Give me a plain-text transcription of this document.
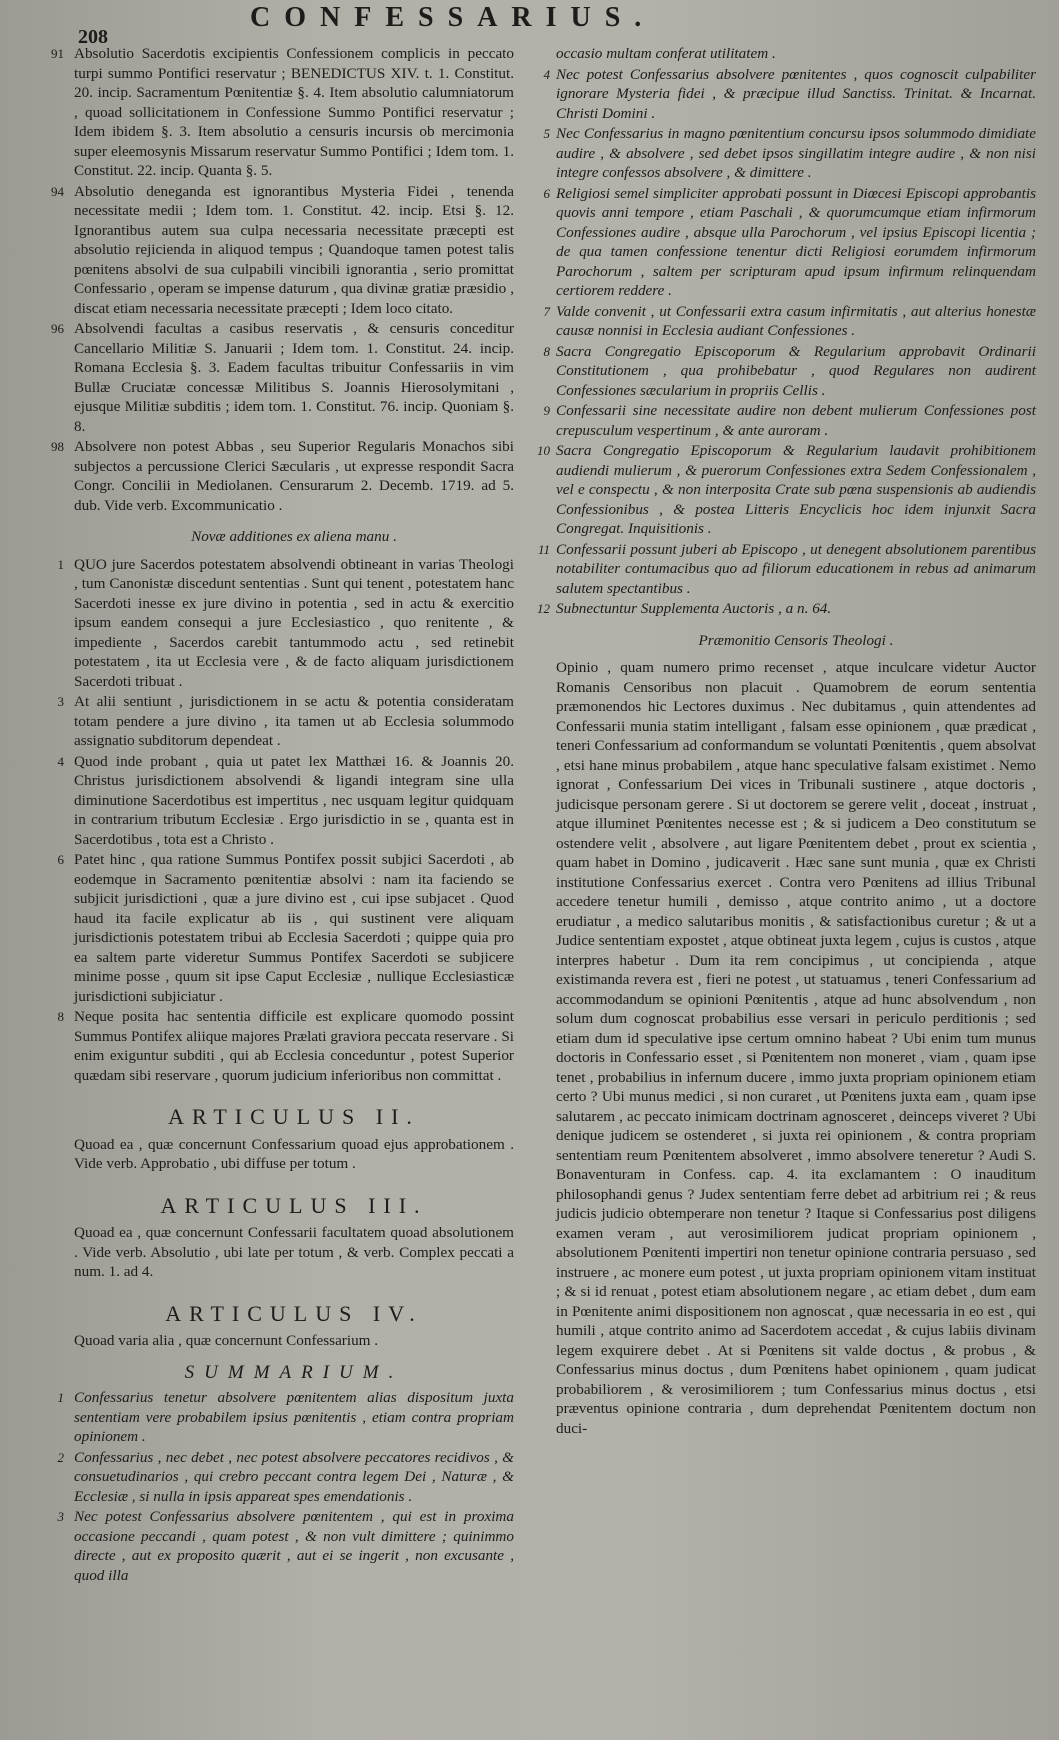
208
CONFESSARIUS.
91 Absolutio Sacerdotis excipientis Confessionem complicis in peccato turpi summo Pontifici reservatur ; BENEDICTUS XIV. t. 1. Constitut. 20. incip. Sacramentum Pœnitentiæ §. 4. Item absolutio calumniatorum , quoad sollicitationem in Confessione Summo Pontifici reservatur ; Idem ibidem §. 3. Item absolutio a censuris incursis ob mercimonia super eleemosynis Missarum reservatur Summo Pontifici ; Idem tom. 1. Constitut. 22. incip. Quanta §. 5.
94 Absolutio deneganda est ignorantibus Mysteria Fidei , tenenda necessitate medii ; Idem tom. 1. Constitut. 42. incip. Etsi §. 12. Ignorantibus autem sua culpa necessaria necessitate præcepti est absolutio rejicienda in aliquod tempus ; Quandoque tamen potest talis pœnitens absolvi de sua culpabili vincibili ignorantia , serio promittat Confessario , operam se impense daturum , qua divinæ gratiæ præsidio , discat etiam necessaria necessitate præcepti ; Idem loco citato.
96 Absolvendi facultas a casibus reservatis , & censuris conceditur Cancellario Militiæ S. Januarii ; Idem tom. 1. Constitut. 24. incip. Romana Ecclesia §. 3. Eadem facultas tribuitur Confessariis in vim Bullæ Cruciatæ concessæ Militibus S. Joannis Hierosolymitani , ejusque Militiæ subditis ; idem tom. 1. Constitut. 76. incip. Quoniam §. 8.
98 Absolvere non potest Abbas , seu Superior Regularis Monachos sibi subjectos a percussione Clerici Sæcularis , ut expresse respondit Sacra Congr. Concilii in Mediolanen. Censurarum 2. Decemb. 1719. ad 5. dub. Vide verb. Excommunicatio .
Novæ additiones ex aliena manu .
1 QUO jure Sacerdos potestatem absolvendi obtineant in varias Theologi , tum Canonistæ discedunt sententias . Sunt qui tenent , potestatem hanc Sacerdoti inesse ex jure divino in potentia , sed in actu & exercitio ipsum eandem consequi a jure Ecclesiastico , quo renitente , & impediente , Sacerdos carebit tantummodo actu , sed retinebit potestatem , ita ut Ecclesia vere , & de facto aliquam jurisdictionem Sacerdoti tribuat .
3 At alii sentiunt , jurisdictionem in se actu & potentia consideratam totam pendere a jure divino , ita tamen ut ab Ecclesia solummodo assignatio subditorum dependeat .
4 Quod inde probant , quia ut patet lex Matthæi 16. & Joannis 20. Christus jurisdictionem absolvendi & ligandi integram sine ulla diminutione Sacerdotibus est impertitus , nec usquam legitur quidquam in contrarium tributum Ecclesiæ . Ergo jurisdictio in se , quanta est in Sacerdotibus , tota est a Christo .
6 Patet hinc , qua ratione Summus Pontifex possit subjici Sacerdoti , ab eodemque in Sacramento pœnitentiæ absolvi : nam ita faciendo se subjicit jurisdictioni , quæ a jure divino est , cui ipse subjacet . Quod haud ita facile explicatur ab iis , qui sustinent vere aliquam jurisdictionis potestatem tribui ab Ecclesia Sacerdoti ; quippe quia pro ea saltem parte videretur Summus Pontifex Sacerdoti se subjicere minime posse , quum sit ipse Caput Ecclesiæ , nullique Ecclesiasticæ jurisdictioni subjiciatur .
8 Neque posita hac sententia difficile est explicare quomodo possint Summus Pontifex aliique majores Prælati graviora peccata reservare . Si enim exiguntur subditi , qui ab Ecclesia conceduntur , potest Superior quædam sibi reservare , quorum judicium inferioribus non committat .
ARTICULUS II.
Quoad ea , quæ concernunt Confessarium quoad ejus approbationem . Vide verb. Approbatio , ubi diffuse per totum .
ARTICULUS III.
Quoad ea , quæ concernunt Confessarii facultatem quoad absolutionem . Vide verb. Absolutio , ubi late per totum , & verb. Complex peccati a num. 1. ad 4.
ARTICULUS IV.
Quoad varia alia , quæ concernunt Confessarium .
SUMMARIUM.
1 Confessarius tenetur absolvere pœnitentem alias dispositum juxta sententiam vere probabilem ipsius pœnitentis , etiam contra propriam opinionem .
2 Confessarius , nec debet , nec potest absolvere peccatores recidivos , & consuetudinarios , qui crebro peccant contra legem Dei , Naturæ , & Ecclesiæ , si nulla in ipsis appareat spes emendationis .
3 Nec potest Confessarius absolvere pœnitentem , qui est in proxima occasione peccandi , quam potest , & non vult dimittere ; quinimmo directe , aut ex proposito quærit , aut ei se ingerit , non excusante , quod illa
occasio multam conferat utilitatem .
4 Nec potest Confessarius absolvere pœnitentes , quos cognoscit culpabiliter ignorare Mysteria fidei , & præcipue illud Sanctiss. Trinitat. & Incarnat. Christi Domini .
5 Nec Confessarius in magno pœnitentium concursu ipsos solummodo dimidiate audire , & absolvere , sed debet ipsos singillatim integre audire , & non nisi integre confessos absolvere , & dimittere .
6 Religiosi semel simpliciter approbati possunt in Diœcesi Episcopi approbantis quovis anni tempore , etiam Paschali , & quorumcumque etiam infirmorum Confessiones audire , absque ulla Parochorum , vel ipsius Episcopi licentia ; de qua tamen confessione tenentur dicti Religiosi eorumdem infirmorum Parochorum , saltem per scripturam apud ipsum infirmum relinquendam certiorem reddere .
7 Valde convenit , ut Confessarii extra casum infirmitatis , aut alterius honestæ causæ nonnisi in Ecclesia audiant Confessiones .
8 Sacra Congregatio Episcoporum & Regularium approbavit Ordinarii Constitutionem , qua prohibebatur , quod Regulares non audirent Confessiones sæcularium in propriis Cellis .
9 Confessarii sine necessitate audire non debent mulierum Confessiones post crepusculum vespertinum , & ante auroram .
10 Sacra Congregatio Episcoporum & Regularium laudavit prohibitionem audiendi mulierum , & puerorum Confessiones extra Sedem Confessionalem , vel e conspectu , & non interposita Crate sub pœna suspensionis ab audiendis Confessionibus , & postea Litteris Encyclicis hoc idem injunxit Sacra Congregat. Inquisitionis .
11 Confessarii possunt juberi ab Episcopo , ut denegent absolutionem parentibus notabiliter contumacibus quo ad filiorum educationem in rebus ad animarum salutem spectantibus .
12 Subnectuntur Supplementa Auctoris , a n. 64.
Præmonitio Censoris Theologi .
Opinio , quam numero primo recenset , atque inculcare videtur Auctor Romanis Censoribus non placuit . Quamobrem de eorum sententia præmonendos hic Lectores duximus . Nec dubitamus , quin attendentes ad Confessarii munia statim intelligant , falsam esse opinionem , quæ prædicat , teneri Confessarium ad conformandum se voluntati Pœnitentis , quem absolvat , etsi hane minus probabilem , atque hanc speculative falsam existimet . Nemo ignorat , Confessarium Dei vices in Tribunali sustinere , atque doctoris , judicisque personam gerere . Si ut doctorem se gerere velit , doceat , instruat , atque illuminet Pœnitentes necesse est ; & si judicem a Deo constitutum se ostendere velit , absolvere , aut ligare Pœnitentem debet , prout ex scientia , quam habet in Domino , judicaverit . Hæc sane sunt munia , quæ ex Christi institutione Confessarius exercet . Contra vero Pœnitens ad illius Tribunal accedere tenetur humili , demisso , atque contrito animo , ut a doctore erudiatur , a medico salutaribus monitis , & satisfactionibus curetur ; & ut a Judice sententiam expostet , atque obtineat juxta legem , cujus is custos , atque interpres habetur . Dum ita rem concipimus , ut concipienda , atque existimanda revera est , fieri ne potest , ut statuamus , teneri Confessarium ad accommodandum se opinioni Pœnitentis , atque ad hunc absolvendum , non solum dum cognoscat probabilius esse versari in periculo perditionis ; sed etiam dum id speculative ipse certum omnino habeat ? Ubi enim tum munus doctoris in Confessario esset , si Pœnitentem non moneret , viam , quam ipse tenet , probabilius in infernum ducere , immo juxta propriam opinionem etiam certo ? Ubi munus medici , si non curaret , ut Pœnitens juxta eam , quam ipse salutarem , ac peccato inimicam doctrinam agnosceret , deinceps viveret ? Ubi denique judicem se ostenderet , si juxta rei opinionem , & contra propriam sententiam reum Pœnitentem absolveret , immo absolvere teneretur ? Audi S. Bonaventuram in Confess. cap. 4. ita exclamantem : O inauditum philosophandi genus ? Judex sententiam ferre debet ad arbitrium rei ; & reus judicis judicio obtemperare non tenetur ? Itaque si Confessarius post diligens examen veram , aut verosimiliorem judicat propriam opinionem , absolutionem Pœnitenti impertiri non tenetur opinione contraria persuaso , sed instruere , ac monere eum potest , ut juxta propriam opinionem vitam instituat ; & si id renuat , potest etiam absolutionem negare , ac etiam debet , dum eam in Pœnitente animi dispositionem non agnoscat , quæ necessaria in eo est , qui humili , atque contrito animo ad Sacerdotem accedat , & cujus labiis divinam legem exquirere debet . At si Pœnitens sit valde doctus , & probus , & Confessarius minus doctus , dum Pœnitens habet opinionem , quam judicat probabiliorem , & verosimiliorem ; tum Confessarius minus doctus , etsi præventus opinione contraria , dum deprehendat Pœnitentem doctum non duci-
